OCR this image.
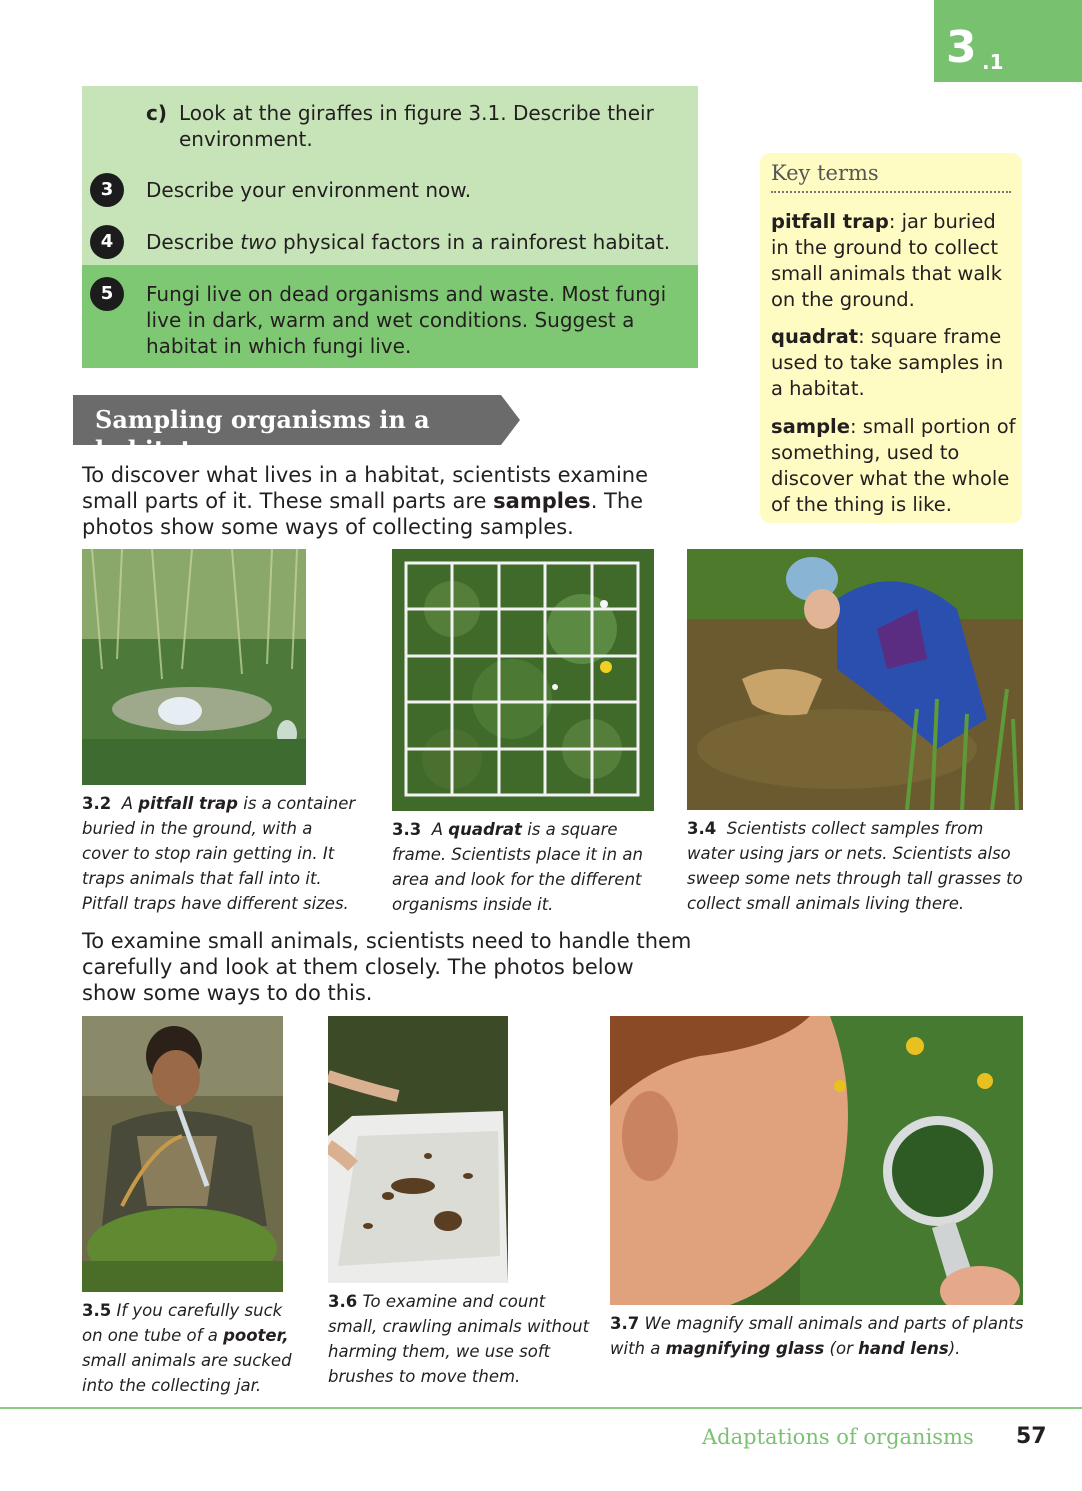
3 .1
c) Look at the giraffes in figure 3.1. Describe their environment.
3	Describe your environment now.
4	Describe two physical factors in a rainforest habitat.
5	Fungi live on dead organisms and waste. Most fungi live in dark, warm and wet conditions. Suggest a habitat in which fungi live.
Sampling organisms in a habitat
To discover what lives in a habitat, scientists examine small parts of it. These small parts are samples. The photos show some ways of collecting samples.
Key terms
pitfall trap: jar buried in the ground to collect small animals that walk on the ground.
quadrat: square frame used to take samples in a habitat.
sample: small portion of something, used to discover what the whole of the thing is like.
3.2 A pitfall trap is a container buried in the ground, with a cover to stop rain getting in. It traps animals that fall into it. Pitfall traps have different sizes.
3.3 A quadrat is a square frame. Scientists place it in an area and look for the different organisms inside it.
3.4 Scientists collect samples from water using jars or nets. Scientists also sweep some nets through tall grasses to collect small animals living there.
To examine small animals, scientists need to handle them carefully and look at them closely. The photos below show some ways to do this.
3.5 If you carefully suck on one tube of a pooter, small animals are sucked into the collecting jar.
3.6 To examine and count small, crawling animals without harming them, we use soft brushes to move them.
3.7 We magnify small animals and parts of plants with a magnifying glass (or hand lens).
Adaptations of organisms 57
